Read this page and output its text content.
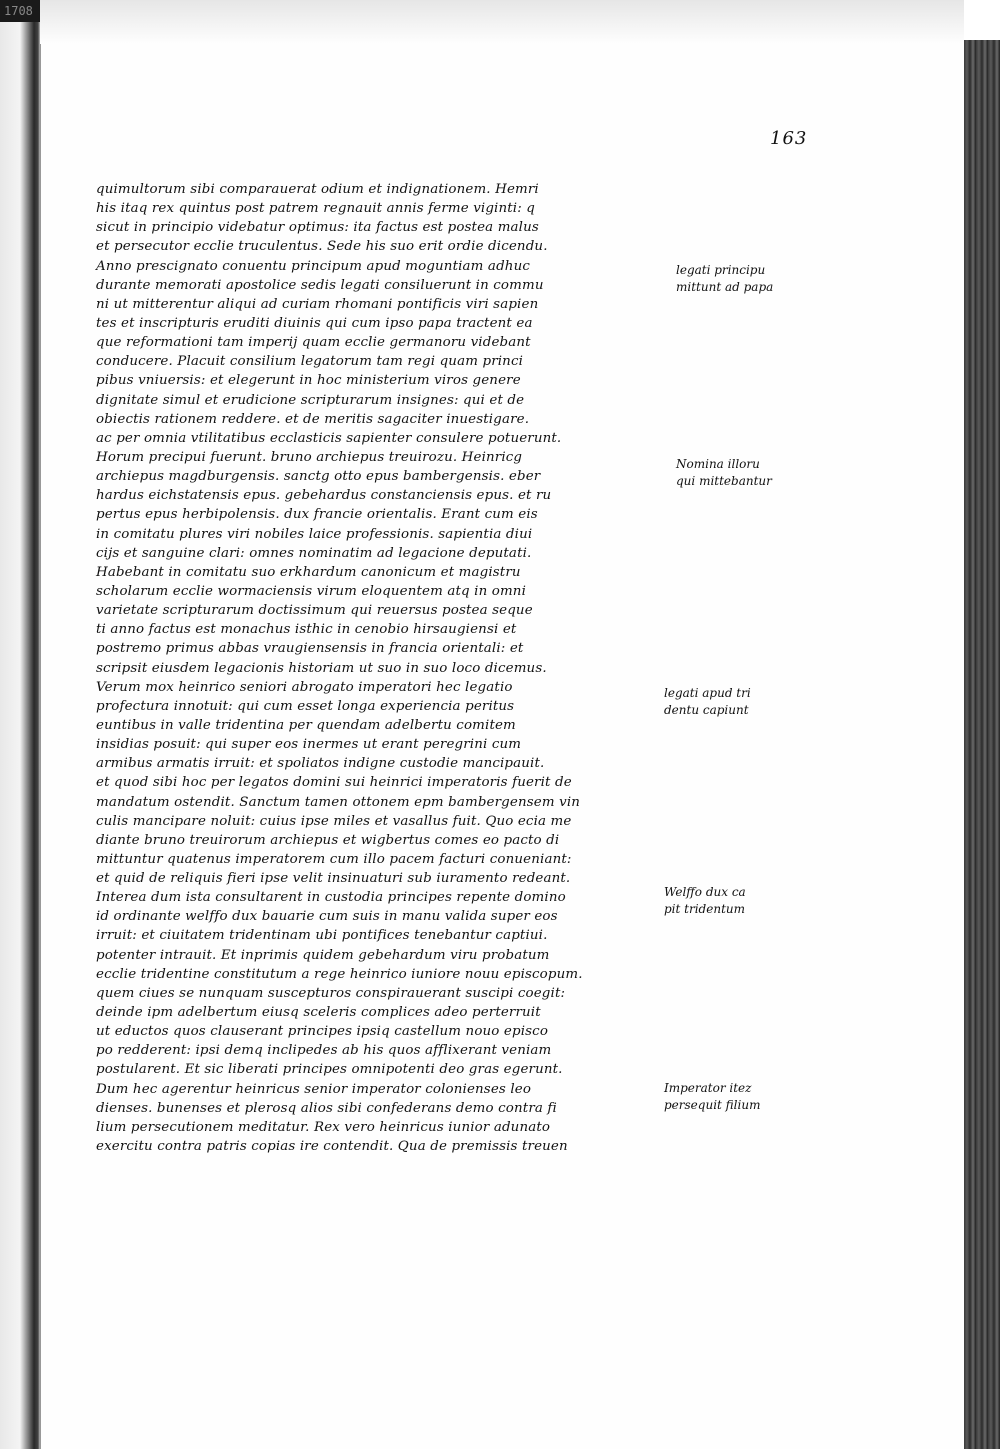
1708
163
quimultorum sibi comparauerat odium et indignationem. Hemri
his itaq rex quintus post patrem regnauit annis ferme viginti: q
sicut in principio videbatur optimus: ita factus est postea malus
et persecutor ecclie truculentus. Sede his suo erit ordie dicendu.
Anno prescignato conuentu principum apud moguntiam adhuc
durante memorati apostolice sedis legati consiluerunt in commu
ni ut mitterentur aliqui ad curiam rhomani pontificis viri sapien
tes et inscripturis eruditi diuinis qui cum ipso papa tractent ea
que reformationi tam imperij quam ecclie germanoru videbant
conducere. Placuit consilium legatorum tam regi quam princi
pibus vniuersis: et elegerunt in hoc ministerium viros genere
dignitate simul et erudicione scripturarum insignes: qui et de
obiectis rationem reddere. et de meritis sagaciter inuestigare.
ac per omnia vtilitatibus ecclasticis sapienter consulere potuerunt.
Horum precipui fuerunt. bruno archiepus treuirozu. Heinricg
archiepus magdburgensis. sanctg otto epus bambergensis. eber
hardus eichstatensis epus. gebehardus constanciensis epus. et ru
pertus epus herbipolensis. dux francie orientalis. Erant cum eis
in comitatu plures viri nobiles laice professionis. sapientia diui
cijs et sanguine clari: omnes nominatim ad legacione deputati.
Habebant in comitatu suo erkhardum canonicum et magistru
scholarum ecclie wormaciensis virum eloquentem atq in omni
varietate scripturarum doctissimum qui reuersus postea seque
ti anno factus est monachus isthic in cenobio hirsaugiensi et
postremo primus abbas vraugiensensis in francia orientali: et
scripsit eiusdem legacionis historiam ut suo in suo loco dicemus.
Verum mox heinrico seniori abrogato imperatori hec legatio
profectura innotuit: qui cum esset longa experiencia peritus
euntibus in valle tridentina per quendam adelbertu comitem
insidias posuit: qui super eos inermes ut erant peregrini cum
armibus armatis irruit: et spoliatos indigne custodie mancipauit.
et quod sibi hoc per legatos domini sui heinrici imperatoris fuerit de
mandatum ostendit. Sanctum tamen ottonem epm bambergensem vin
culis mancipare noluit: cuius ipse miles et vasallus fuit. Quo ecia me
diante bruno treuirorum archiepus et wigbertus comes eo pacto di
mittuntur quatenus imperatorem cum illo pacem facturi conueniant:
et quid de reliquis fieri ipse velit insinuaturi sub iuramento redeant.
Interea dum ista consultarent in custodia principes repente domino
id ordinante welffo dux bauarie cum suis in manu valida super eos
irruit: et ciuitatem tridentinam ubi pontifices tenebantur captiui.
potenter intrauit. Et inprimis quidem gebehardum viru probatum
ecclie tridentine constitutum a rege heinrico iuniore nouu episcopum.
quem ciues se nunquam suscepturos conspirauerant suscipi coegit:
deinde ipm adelbertum eiusq sceleris complices adeo perterruit
ut eductos quos clauserant principes ipsiq castellum nouo episco
po redderent: ipsi demq inclipedes ab his quos afflixerant veniam
postularent. Et sic liberati principes omnipotenti deo gras egerunt.
Dum hec agerentur heinricus senior imperator colonienses leo
dienses. bunenses et plerosq alios sibi confederans demo contra fi
lium persecutionem meditatur. Rex vero heinricus iunior adunato
exercitu contra patris copias ire contendit. Qua de premissis treuen
legati principu
mittunt ad papa
Nomina illoru
qui mittebantur
legati apud tri
dentu capiunt
Welffo dux ca
pit tridentum
Imperator itez
persequit filium
